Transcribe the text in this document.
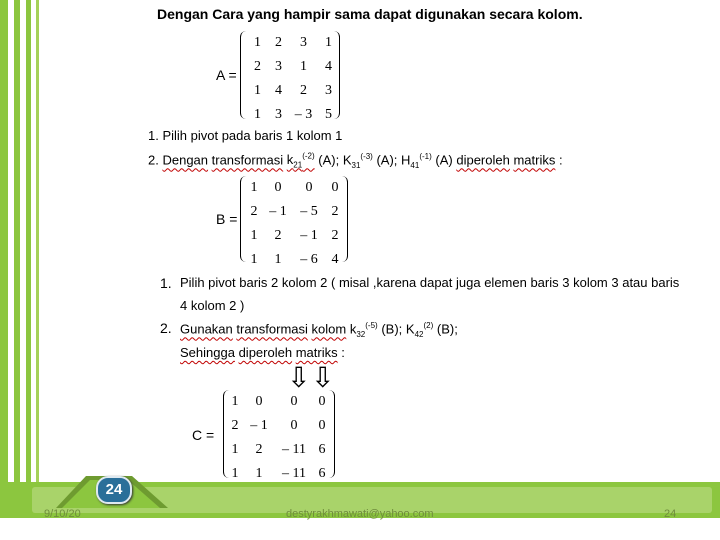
Dengan Cara yang hampir sama dapat digunakan secara kolom.
A =
1	2	3	1
2	3	1	4
1	4	2	3
1	3	– 3	5
1. Pilih pivot pada baris 1 kolom 1
2. Dengan transformasi $k_{21}^{(-2)}$ (A); $K_{31}^{(-3)}$ (A); $H_{41}^{(-1)}$ (A) diperoleh matriks :
B =
1	0	0	0
2	– 1	– 5	2
1	2	– 1	2
1	1	– 6	4
1. Pilih pivot baris 2 kolom 2 ( misal ,karena dapat juga elemen baris 3 kolom 3 atau baris
4 kolom 2 )
2. Gunakan transformasi kolom $k_{32}^{(-5)}$ (B); $K_{42}^{(2)}$ (B);
Sehingga diperoleh matriks :
⇩ ⇩
C =
1	0	0	0
2	– 1	0	0
1	2	– 11	6
1	1	– 11	6
24
9/10/20	destyrakhmawati@yahoo.com	24
